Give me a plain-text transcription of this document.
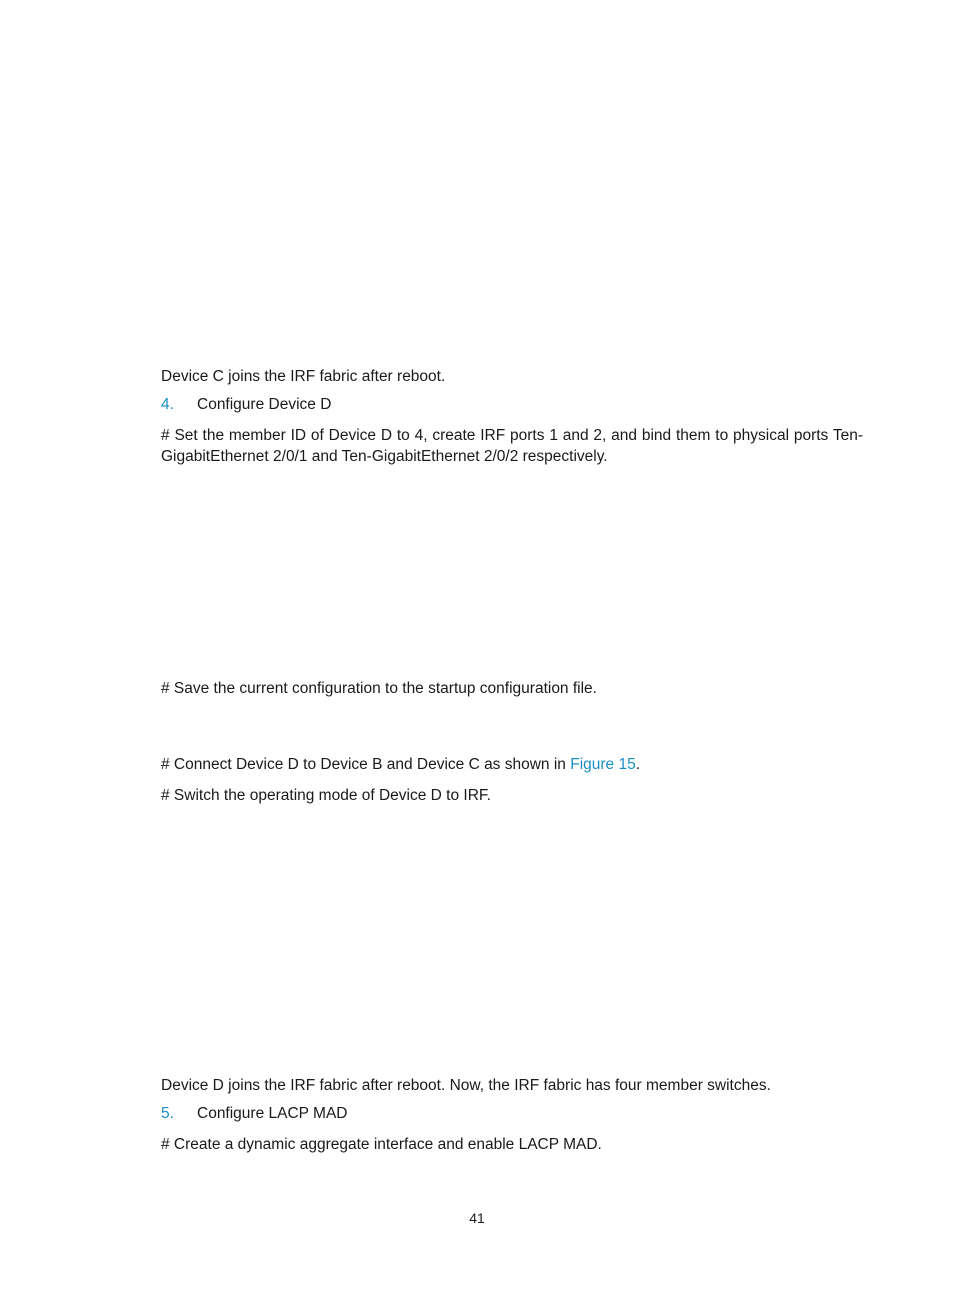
Device C joins the IRF fabric after reboot.

4. Configure Device D

# Set the member ID of Device D to 4, create IRF ports 1 and 2, and bind them to physical ports Ten-GigabitEthernet 2/0/1 and Ten-GigabitEthernet 2/0/2 respectively.

# Save the current configuration to the startup configuration file.

# Connect Device D to Device B and Device C as shown in Figure 15.

# Switch the operating mode of Device D to IRF.

Device D joins the IRF fabric after reboot. Now, the IRF fabric has four member switches.

5. Configure LACP MAD

# Create a dynamic aggregate interface and enable LACP MAD.

41
